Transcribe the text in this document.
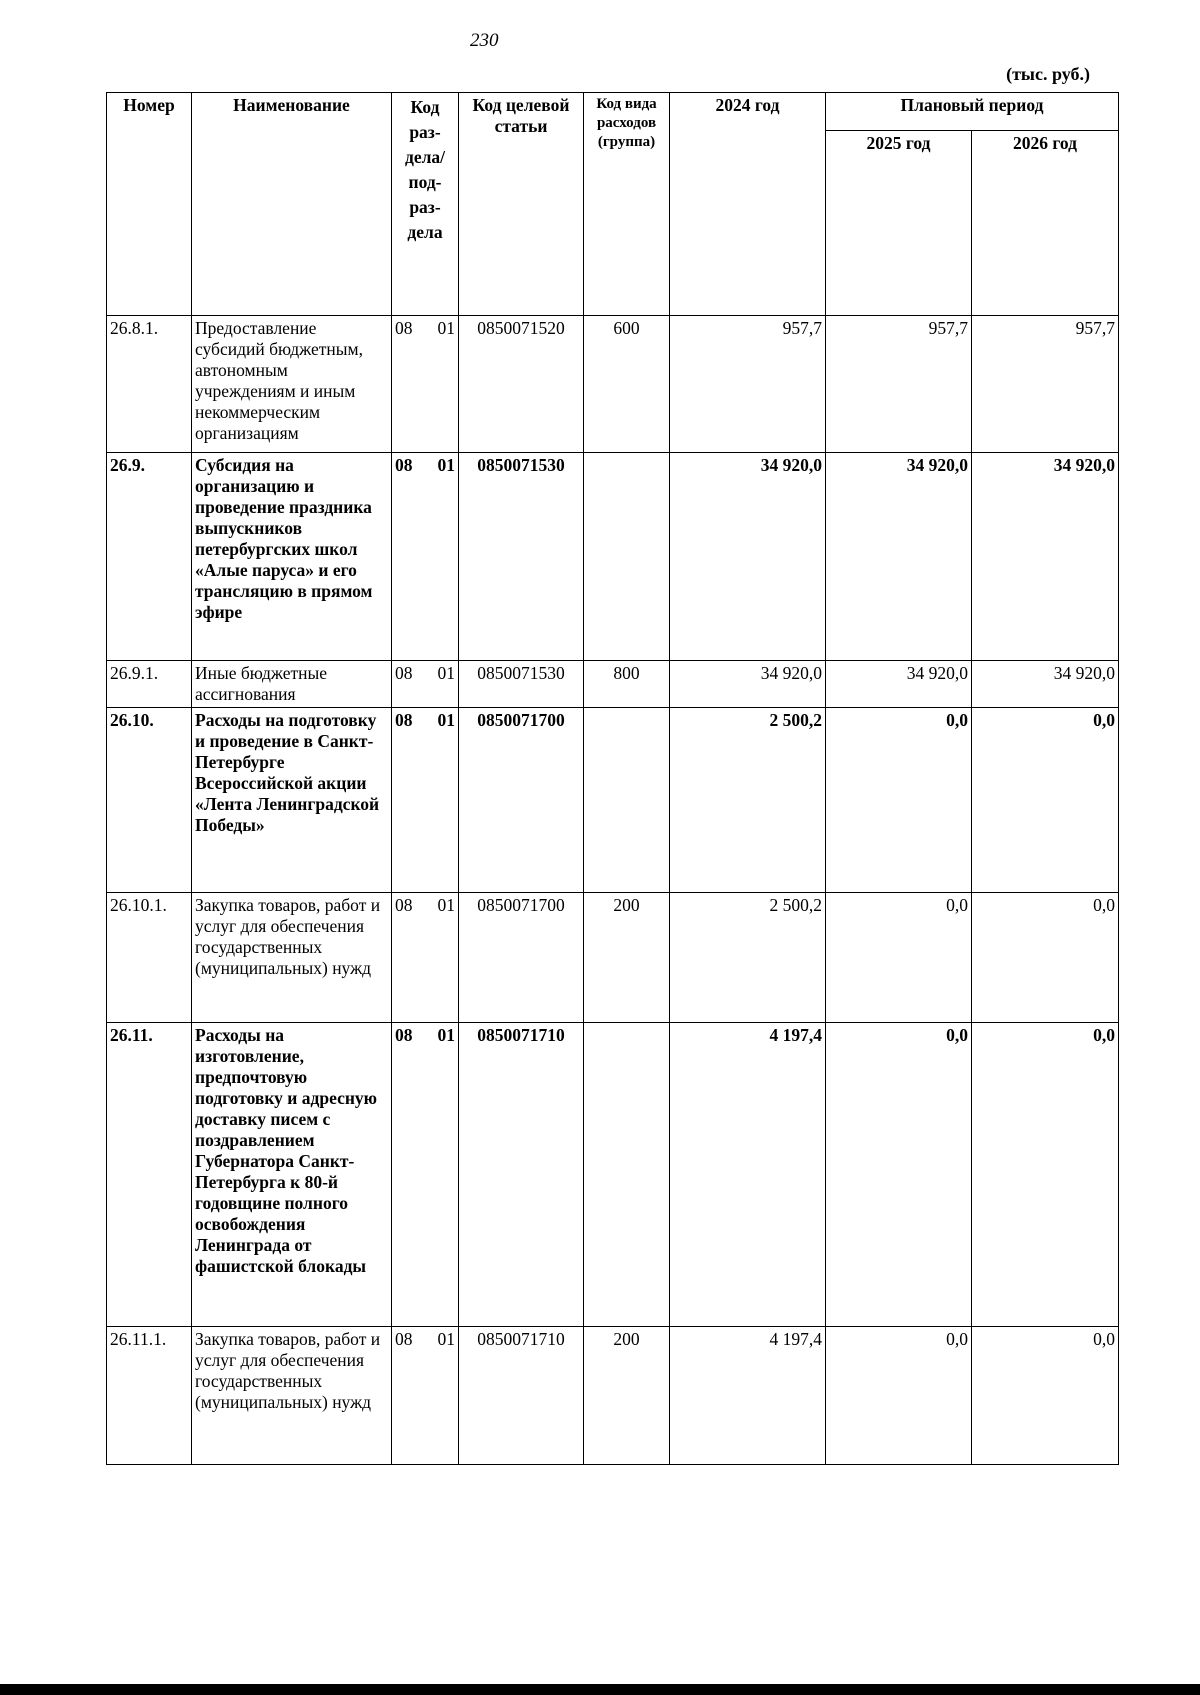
230
(тыс. руб.)
Номер	Наименование	Код раз- дела/ под- раз- дела	Код целевой статьи	Код вида расходов (группа)	2024 год	Плановый период	
						2025 год	2026 год
26.8.1.	Предоставление субсидий бюджетным, автономным учреждениям и иным некоммерческим организациям	08 01	0850071520	600	957,7	957,7	957,7
26.9.	Субсидия на организацию и проведение праздника выпускников петербургских школ «Алые паруса» и его трансляцию в прямом эфире	08 01	0850071530		34 920,0	34 920,0	34 920,0
26.9.1.	Иные бюджетные ассигнования	08 01	0850071530	800	34 920,0	34 920,0	34 920,0
26.10.	Расходы на подготовку и проведение в Санкт-Петербурге Всероссийской акции «Лента Ленинградской Победы»	08 01	0850071700		2 500,2	0,0	0,0
26.10.1.	Закупка товаров, работ и услуг для обеспечения государственных (муниципальных) нужд	08 01	0850071700	200	2 500,2	0,0	0,0
26.11.	Расходы на изготовление, предпочтовую подготовку и адресную доставку писем с поздравлением Губернатора Санкт-Петербурга к 80-й годовщине полного освобождения Ленинграда от фашистской блокады	08 01	0850071710		4 197,4	0,0	0,0
26.11.1.	Закупка товаров, работ и услуг для обеспечения государственных (муниципальных) нужд	08 01	0850071710	200	4 197,4	0,0	0,0
